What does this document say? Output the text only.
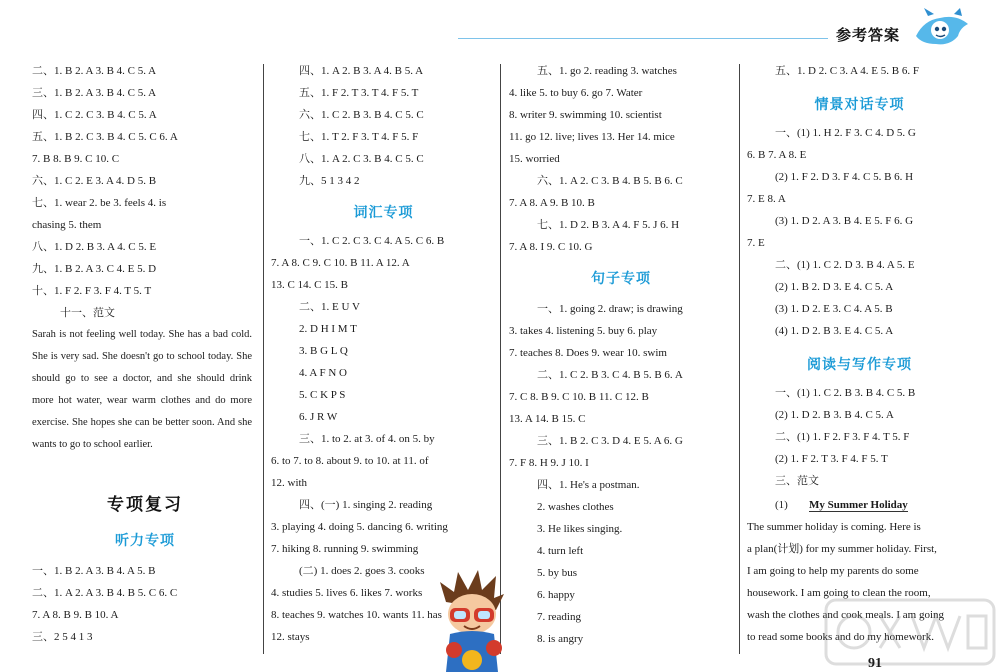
参考答案
二、1. B 2. A 3. B 4. C 5. A
三、1. B 2. A 3. B 4. C 5. A
四、1. C 2. C 3. B 4. C 5. A
五、1. B 2. C 3. B 4. C 5. C 6. A
7. B 8. B 9. C 10. C
六、1. C 2. E 3. A 4. D 5. B
七、1. wear 2. be 3. feels 4. is
chasing 5. them
八、1. D 2. B 3. A 4. C 5. E
九、1. B 2. A 3. C 4. E 5. D
十、1. F 2. F 3. F 4. T 5. T
十一、范文
Sarah is not feeling well today. She has a bad cold. She is very sad. She doesn't go to school today. She should go to see a doctor, and she should drink more hot water, wear warm clothes and do more exercise. She hopes she can be better soon. And she wants to go to school earlier.
专项复习
听力专项
一、1. B 2. A 3. B 4. A 5. B
二、1. A 2. A 3. B 4. B 5. C 6. C
7. A 8. B 9. B 10. A
三、2 5 4 1 3
四、1. A 2. B 3. A 4. B 5. A
五、1. F 2. T 3. T 4. F 5. T
六、1. C 2. B 3. B 4. C 5. C
七、1. T 2. F 3. T 4. F 5. F
八、1. A 2. C 3. B 4. C 5. C
九、5 1 3 4 2
词汇专项
一、1. C 2. C 3. C 4. A 5. C 6. B
7. A 8. C 9. C 10. B 11. A 12. A
13. C 14. C 15. B
二、1. E U V
2. D H I M T
3. B G L Q
4. A F N O
5. C K P S
6. J R W
三、1. to 2. at 3. of 4. on 5. by
6. to 7. to 8. about 9. to 10. at 11. of
12. with
四、(一) 1. singing 2. reading
3. playing 4. doing 5. dancing 6. writing
7. hiking 8. running 9. swimming
(二) 1. does 2. goes 3. cooks
4. studies 5. lives 6. likes 7. works
8. teaches 9. watches 10. wants 11. has
12. stays
五、1. go 2. reading 3. watches
4. like 5. to buy 6. go 7. Water
8. writer 9. swimming 10. scientist
11. go 12. live; lives 13. Her 14. mice
15. worried
六、1. A 2. C 3. B 4. B 5. B 6. C
7. A 8. A 9. B 10. B
七、1. D 2. B 3. A 4. F 5. J 6. H
7. A 8. I 9. C 10. G
句子专项
一、1. going 2. draw; is drawing
3. takes 4. listening 5. buy 6. play
7. teaches 8. Does 9. wear 10. swim
二、1. C 2. B 3. C 4. B 5. B 6. A
7. C 8. B 9. C 10. B 11. C 12. B
13. A 14. B 15. C
三、1. B 2. C 3. D 4. E 5. A 6. G
7. F 8. H 9. J 10. I
四、1. He's a postman.
2. washes clothes
3. He likes singing.
4. turn left
5. by bus
6. happy
7. reading
8. is angry
五、1. D 2. C 3. A 4. E 5. B 6. F
情景对话专项
一、(1) 1. H 2. F 3. C 4. D 5. G
6. B 7. A 8. E
(2) 1. F 2. D 3. F 4. C 5. B 6. H
7. E 8. A
(3) 1. D 2. A 3. B 4. E 5. F 6. G
7. E
二、(1) 1. C 2. D 3. B 4. A 5. E
(2) 1. B 2. D 3. E 4. C 5. A
(3) 1. D 2. E 3. C 4. A 5. B
(4) 1. D 2. B 3. E 4. C 5. A
阅读与写作专项
一、(1) 1. C 2. B 3. B 4. C 5. B
(2) 1. D 2. B 3. B 4. C 5. A
二、(1) 1. F 2. F 3. F 4. T 5. F
(2) 1. F 2. T 3. F 4. F 5. T
三、范文
(1) My Summer Holiday
The summer holiday is coming. Here is
a plan(计划) for my summer holiday. First,
I am going to help my parents do some
housework. I am going to clean the room,
wash the clothes and cook meals. I am going
to read some books and do my homework.
91
